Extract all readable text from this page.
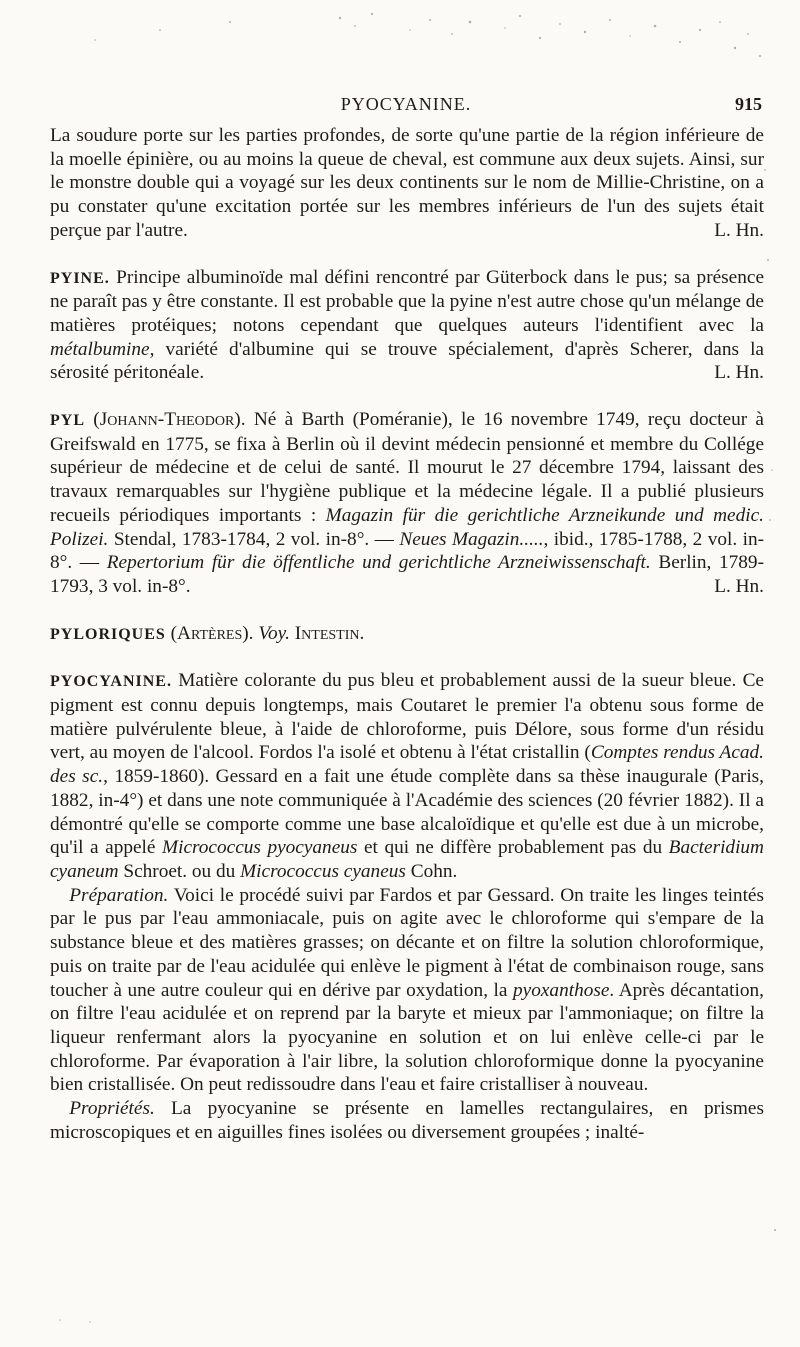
PYOCYANINE.	915

La soudure porte sur les parties profondes, de sorte qu'une partie de la région inférieure de la moelle épinière, ou au moins la queue de cheval, est commune aux deux sujets. Ainsi, sur le monstre double qui a voyagé sur les deux continents sur le nom de Millie-Christine, on a pu constater qu'une excitation portée sur les membres inférieurs de l'un des sujets était perçue par l'autre.	L. Hn.

PYINE. Principe albuminoïde mal défini rencontré par Güterbock dans le pus; sa présence ne paraît pas y être constante. Il est probable que la pyine n'est autre chose qu'un mélange de matières protéiques; notons cependant que quelques auteurs l'identifient avec la métalbumine, variété d'albumine qui se trouve spécialement, d'après Scherer, dans la sérosité péritonéale.	L. Hn.

PYL (Johann-Theodor). Né à Barth (Poméranie), le 16 novembre 1749, reçu docteur à Greifswald en 1775, se fixa à Berlin où il devint médecin pensionné et membre du Collége supérieur de médecine et de celui de santé. Il mourut le 27 décembre 1794, laissant des travaux remarquables sur l'hygiène publique et la médecine légale. Il a publié plusieurs recueils périodiques importants : Magazin für die gerichtliche Arzneikunde und medic. Polizei. Stendal, 1783-1784, 2 vol. in-8°. — Neues Magazin....., ibid., 1785-1788, 2 vol. in-8°. — Repertorium für die öffentliche und gerichtliche Arzneiwissenschaft. Berlin, 1789-1793, 3 vol. in-8°.	L. Hn.

PYLORIQUES (Artères). Voy. Intestin.

PYOCYANINE. Matière colorante du pus bleu et probablement aussi de la sueur bleue. Ce pigment est connu depuis longtemps, mais Coutaret le premier l'a obtenu sous forme de matière pulvérulente bleue, à l'aide de chloroforme, puis Délore, sous forme d'un résidu vert, au moyen de l'alcool. Fordos l'a isolé et obtenu à l'état cristallin (Comptes rendus Acad. des sc., 1859-1860). Gessard en a fait une étude complète dans sa thèse inaugurale (Paris, 1882, in-4°) et dans une note communiquée à l'Académie des sciences (20 février 1882). Il a démontré qu'elle se comporte comme une base alcaloïdique et qu'elle est due à un microbe, qu'il a appelé Micrococcus pyocyaneus et qui ne diffère probablement pas du Bacteridium cyaneum Schroet. ou du Micrococcus cyaneus Cohn.

 Préparation. Voici le procédé suivi par Fardos et par Gessard. On traite les linges teintés par le pus par l'eau ammoniacale, puis on agite avec le chloroforme qui s'empare de la substance bleue et des matières grasses; on décante et on filtre la solution chloroformique, puis on traite par de l'eau acidulée qui enlève le pigment à l'état de combinaison rouge, sans toucher à une autre couleur qui en dérive par oxydation, la pyoxanthose. Après décantation, on filtre l'eau acidulée et on reprend par la baryte et mieux par l'ammoniaque; on filtre la liqueur renfermant alors la pyocyanine en solution et on lui enlève celle-ci par le chloroforme. Par évaporation à l'air libre, la solution chloroformique donne la pyocyanine bien cristallisée. On peut redissoudre dans l'eau et faire cristalliser à nouveau.

 Propriétés. La pyocyanine se présente en lamelles rectangulaires, en prismes microscopiques et en aiguilles fines isolées ou diversement groupées ; inalté-
